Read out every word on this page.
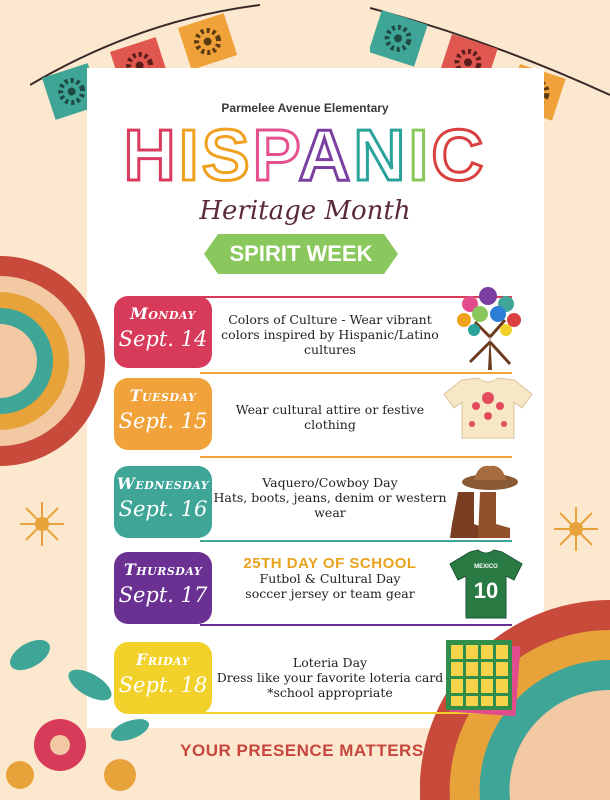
Parmelee Avenue Elementary
HISPANIC
Heritage Month
SPIRIT WEEK
Monday
Sept. 14
Colors of Culture - Wear vibrant
colors inspired by Hispanic/Latino
cultures
Tuesday
Sept. 15	Wear cultural attire or festive
clothing
Wednesday
Sept. 16
Vaquero/Cowboy Day
Hats, boots, jeans, denim or western
wear
Thursday
Sept. 17
25TH DAY OF SCHOOL
Futbol & Cultural Day
soccer jersey or team gear
MEXICO
10
Friday
Sept. 18
Loteria Day
Dress like your favorite loteria card
*school appropriate
YOUR PRESENCE MATTERS!
